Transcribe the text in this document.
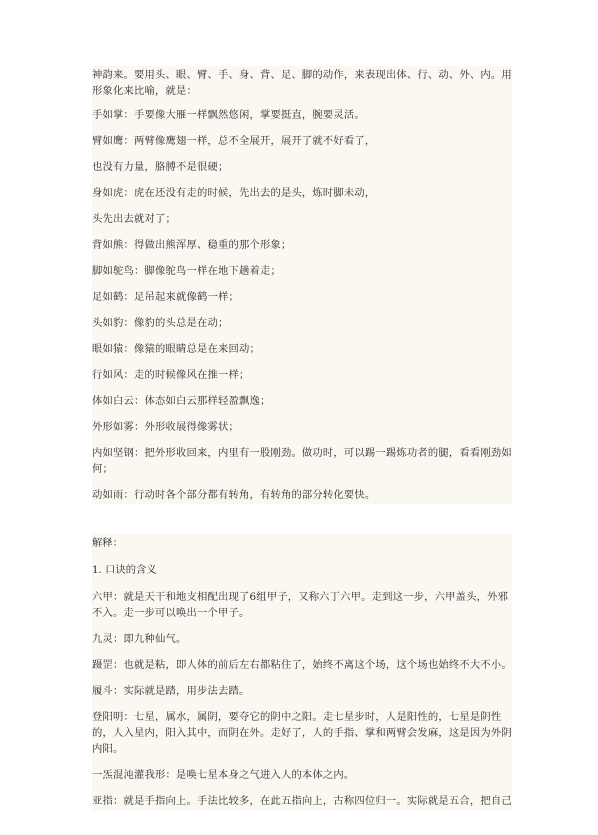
神韵来。要用头、眼、臂、手、身、背、足、脚的动作，来表现出体、行、动、外、内。用形象化来比喻，就是：

手如掌：手要像大雁一样飘然悠闲，掌要挺直，腕要灵活。

臂如鹰：两臂像鹰翅一样，总不全展开，展开了就不好看了，

也没有力量，胳膊不是很硬；

身如虎：虎在还没有走的时候，先出去的是头，炼时脚未动，

头先出去就对了；

背如熊：得做出熊浑厚、稳重的那个形象；

脚如鸵鸟：脚像鸵鸟一样在地下趟着走；

足如鹤：足吊起来就像鹤一样；

头如豹：像豹的头总是在动；

眼如猿：像猿的眼睛总是在来回动；

行如风：走的时候像风在推一样；

体如白云：体态如白云那样轻盈飘逸；

外形如雾：外形收展得像雾状；

内如坚钢：把外形收回来，内里有一股刚劲。做功时，可以踢一踢炼功者的腿，看看刚劲如何；

动如雨：行动时各个部分都有转角，有转角的部分转化要快。

解释：

1. 口诀的含义

六甲：就是天干和地支相配出现了6组甲子，又称六丁六甲。走到这一步，六甲盖头，外邪不入。走一步可以唤出一个甲子。

九灵：即九种仙气。

蹑罡：也就是粘，即人体的前后左右都粘住了，始终不离这个场，这个场也始终不大不小。

履斗：实际就是踏，用步法去踏。

登阳明：七星，属水，属阴，要夺它的阴中之阳。走七星步时，人是阳性的，七星是阴性的，人入星内，阳入其中，而阴在外。走好了，人的手指、掌和两臂会发麻，这是因为外阴内阳。

一炁混沌灌我形：是唤七星本身之气进入人的本体之内。

亚指：就是手指向上。手法比较多，在此五指向上，古称四位归一。实际就是五合，把自己
